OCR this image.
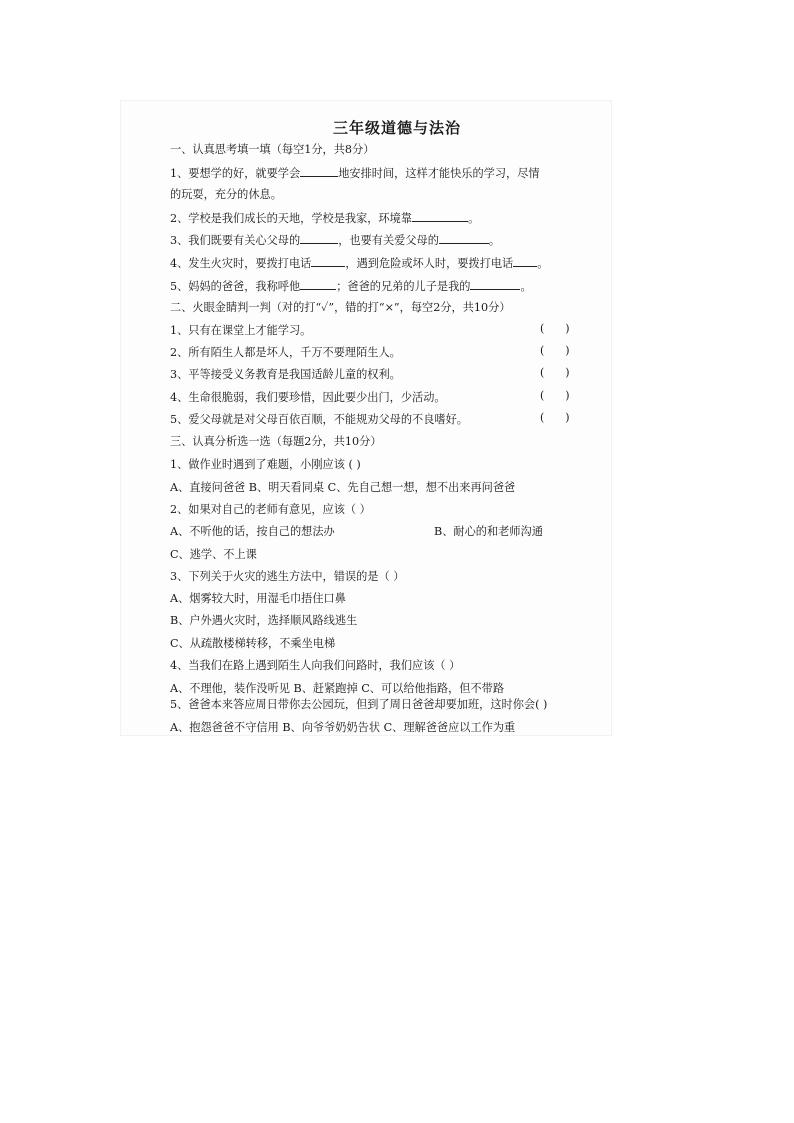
三年级道德与法治
一、认真思考填一填（每空1分，共8分）
1、要想学的好，就要学会	地安排时间，这样才能快乐的学习，尽情
的玩耍，充分的休息。
2、学校是我们成长的天地，学校是我家，环境靠	。
3、我们既要有关心父母的	，也要有关爱父母的	。
4、发生火灾时，要拨打电话	，遇到危险或坏人时，要拨打电话 。
5、妈妈的爸爸，我称呼他	；爸爸的兄弟的儿子是我的	。
二、火眼金睛判一判（对的打“✓”，错的打“×”，每空2分，共10分）
1、只有在课堂上才能学习。	(      )
2、所有陌生人都是坏人，千万不要理陌生人。	(      )
3、平等接受义务教育是我国适龄儿童的权利。	(      )
4、生命很脆弱，我们要珍惜，因此要少出门，少活动。	(      )
5、爱父母就是对父母百依百顺，不能规劝父母的不良嗜好。	(      )
三、认真分析选一选（每题2分，共10分）
1、做作业时遇到了难题，小刚应该 ( )
A、直接问爸爸 B、明天看同桌 C、先自己想一想，想不出来再问爸爸
2、如果对自己的老师有意见，应该（ ）
A、不听他的话，按自己的想法办	B、耐心的和老师沟通
C、逃学、不上课
3、下列关于火灾的逃生方法中，错误的是（ ）
A、烟雾较大时，用湿毛巾捂住口鼻
B、户外遇火灾时，选择顺风路线逃生
C、从疏散楼梯转移，不乘坐电梯
4、当我们在路上遇到陌生人向我们问路时，我们应该（ ）
A、不理他，装作没听见 B、赶紧跑掉 C、可以给他指路，但不带路
5、爸爸本来答应周日带你去公园玩，但到了周日爸爸却要加班，这时你会( )
A、抱怨爸爸不守信用 B、向爷爷奶奶告状 C、理解爸爸应以工作为重
